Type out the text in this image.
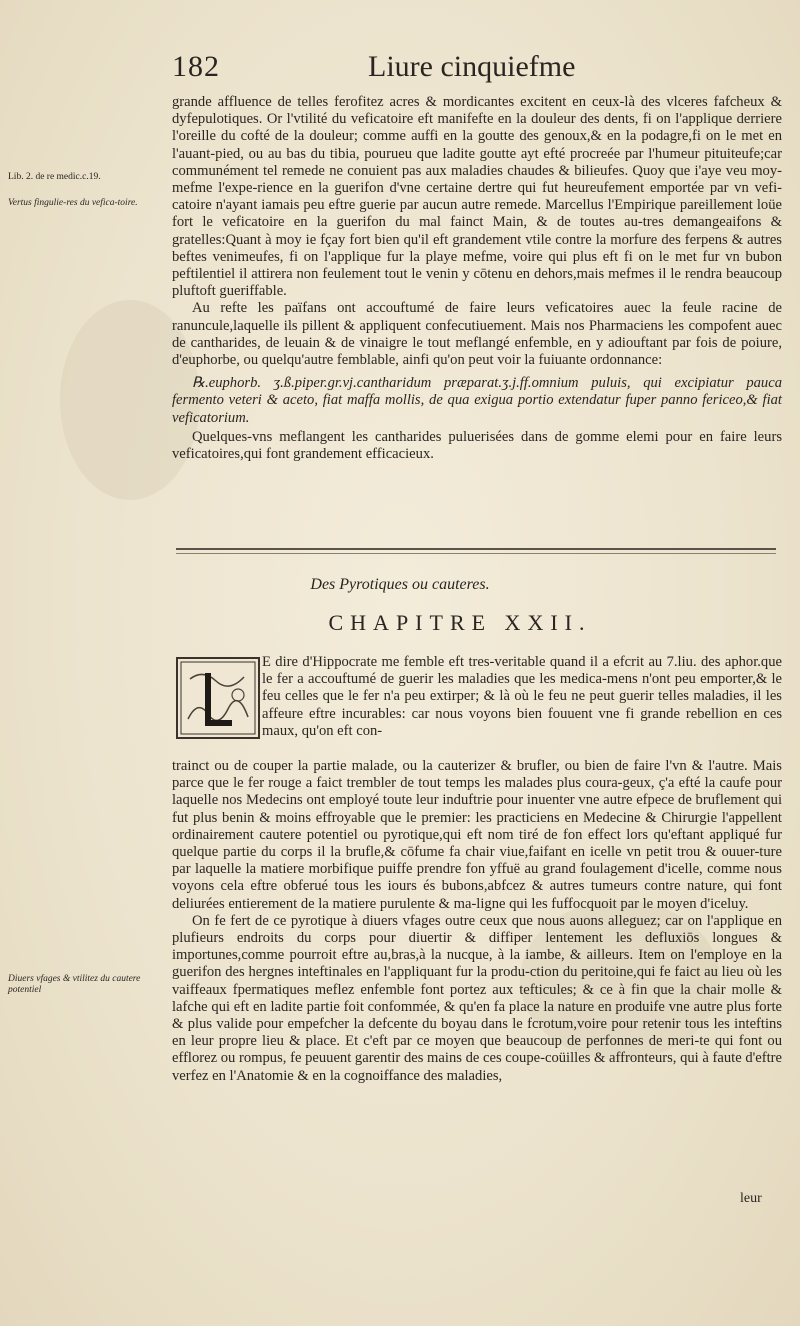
182	Liure cinquiefme
Lib. 2. de re medic.c.19.
Vertus fingulie-res du vefica-toire.
Diuers vfages & vtilitez du cautere potentiel

grande affluence de telles ferofitez acres & mordicantes excitent en ceux-là des vlceres fafcheux & dyfepulotiques. Or l'vtilité du veficatoire eft manifefte en la douleur des dents, fi on l'applique derriere l'oreille du cofté de la douleur; comme auffi en la goutte des genoux,& en la podagre,fi on le met en l'auant-pied, ou au bas du tibia, pourueu que ladite goutte ayt efté procreée par l'humeur pituiteufe;car communément tel remede ne conuient pas aux maladies chaudes & bilieufes. Quoy que i'aye veu moy-mefme l'expe-rience en la guerifon d'vne certaine dertre qui fut heureufement emportée par vn vefi-catoire n'ayant iamais peu eftre guerie par aucun autre remede. Marcellus l'Empirique pareillement loüe fort le veficatoire en la guerifon du mal fainct Main, & de toutes au-tres demangeaifons & gratelles:Quant à moy ie fçay fort bien qu'il eft grandement vtile contre la morfure des ferpens & autres beftes venimeufes, fi on l'applique fur la playe mefme, voire qui plus eft fi on le met fur vn bubon peftilentiel il attirera non feulement tout le venin y cōtenu en dehors,mais mefmes il le rendra beaucoup pluftoft gueriffable.

Au refte les païfans ont accouftumé de faire leurs veficatoires auec la feule racine de ranuncule,laquelle ils pillent & appliquent confecutiuement. Mais nos Pharmaciens les compofent auec de cantharides, de leuain & de vinaigre le tout meflangé enfemble, en y adiouftant par fois de poiure, d'euphorbe, ou quelqu'autre femblable, ainfi qu'on peut voir la fuiuante ordonnance:

℞.euphorb. ʒ.ß.piper.gr.vj.cantharidum præparat.ʒ.j.ff.omnium puluis, qui excipiatur pauca fermento veteri & aceto, fiat maffa mollis, de qua exigua portio extendatur fuper panno fericeo,& fiat veficatorium.

Quelques-vns meflangent les cantharides puluerisées dans de gomme elemi pour en faire leurs veficatoires,qui font grandement efficacieux.

Des Pyrotiques ou cauteres.
CHAPITRE XXII.

E dire d'Hippocrate me femble eft tres-veritable quand il a efcrit au 7.liu. des aphor.que le fer a accouftumé de guerir les maladies que les medica-mens n'ont peu emporter,& le feu celles que le fer n'a peu extirper; & là où le feu ne peut guerir telles maladies, il les affeure eftre incurables: car nous voyons bien fouuent vne fi grande rebellion en ces maux, qu'on eft con-

trainct ou de couper la partie malade, ou la cauterizer & brufler, ou bien de faire l'vn & l'autre. Mais parce que le fer rouge a faict trembler de tout temps les malades plus coura-geux, ç'a efté la caufe pour laquelle nos Medecins ont employé toute leur induftrie pour inuenter vne autre efpece de bruflement qui fut plus benin & moins effroyable que le premier: les practiciens en Medecine & Chirurgie l'appellent ordinairement cautere potentiel ou pyrotique,qui eft nom tiré de fon effect lors qu'eftant appliqué fur quelque partie du corps il la brufle,& cōfume fa chair viue,faifant en icelle vn petit trou & ouuer-ture par laquelle la matiere morbifique puiffe prendre fon yffuë au grand foulagement d'icelle, comme nous voyons cela eftre obferué tous les iours és bubons,abfcez & autres tumeurs contre nature, qui font deliurées entierement de la matiere purulente & ma-ligne qui les fuffocquoit par le moyen d'iceluy.

On fe fert de ce pyrotique à diuers vfages outre ceux que nous auons alleguez; car on l'applique en plufieurs endroits du corps pour diuertir & diffiper lentement les defluxiōs longues & importunes,comme pourroit eftre au,bras,à la nucque, à la iambe, & ailleurs. Item on l'employe en la guerifon des hergnes inteftinales en l'appliquant fur la produ-ction du peritoine,qui fe faict au lieu où les vaiffeaux fpermatiques meflez enfemble font portez aux tefticules; & ce à fin que la chair molle & lafche qui eft en ladite partie foit confommée, & qu'en fa place la nature en produife vne autre plus forte & plus valide pour empefcher la defcente du boyau dans le fcrotum,voire pour retenir tous les inteftins en leur propre lieu & place. Et c'eft par ce moyen que beaucoup de perfonnes de meri-te qui font ou efflorez ou rompus, fe peuuent garentir des mains de ces coupe-coüilles & affronteurs, qui à faute d'eftre verfez en l'Anatomie & en la cognoiffance des maladies,

leur
